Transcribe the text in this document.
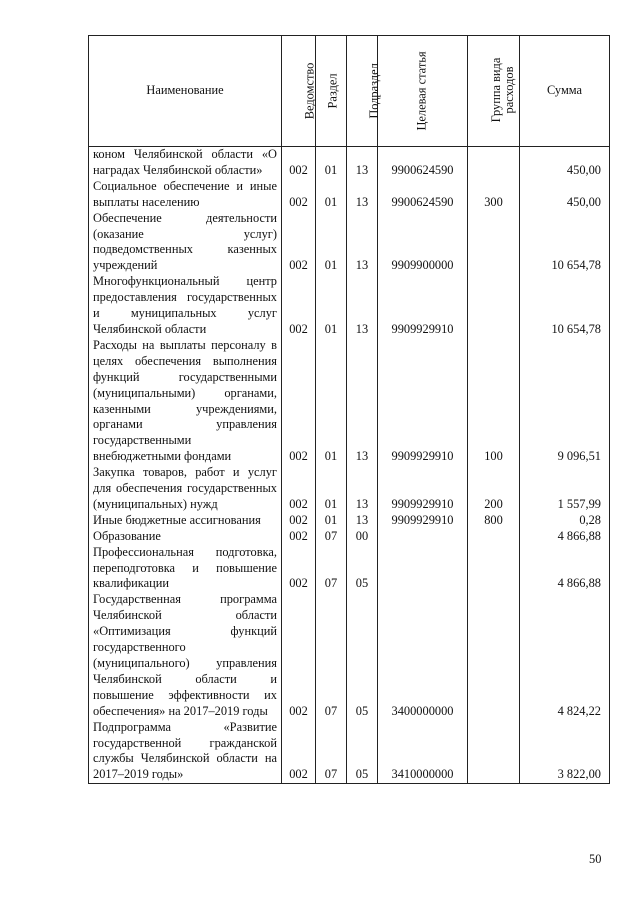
Наименование	Ведомство	Раздел	Подраздел	Целевая статья	Группа вида расходов	Сумма
коном Челябинской области «О наградах Челябинской области»	002	01	13	9900624590		450,00
Социальное обеспечение и иные выплаты населению	002	01	13	9900624590	300	450,00
Обеспечение деятельности (оказание услуг) подведомственных казенных учреждений	002	01	13	9909900000		10 654,78
Многофункциональный центр предоставления государственных и муниципальных услуг Челябинской области	002	01	13	9909929910		10 654,78
Расходы на выплаты персоналу в целях обеспечения выполнения функций государственными (муниципальными) органами, казенными учреждениями, органами управления государственными внебюджетными фондами	002	01	13	9909929910	100	9 096,51
Закупка товаров, работ и услуг для обеспечения государственных (муниципальных) нужд	002	01	13	9909929910	200	1 557,99
Иные бюджетные ассигнования	002	01	13	9909929910	800	0,28
Образование	002	07	00			4 866,88
Профессиональная подготовка, переподготовка и повышение квалификации	002	07	05			4 866,88
Государственная программа Челябинской области «Оптимизация функций государственного (муниципального) управления Челябинской области и повышение эффективности их обеспечения» на 2017–2019 годы	002	07	05	3400000000		4 824,22
Подпрограмма «Развитие государственной гражданской службы Челябинской области на 2017–2019 годы»	002	07	05	3410000000		3 822,00
50
